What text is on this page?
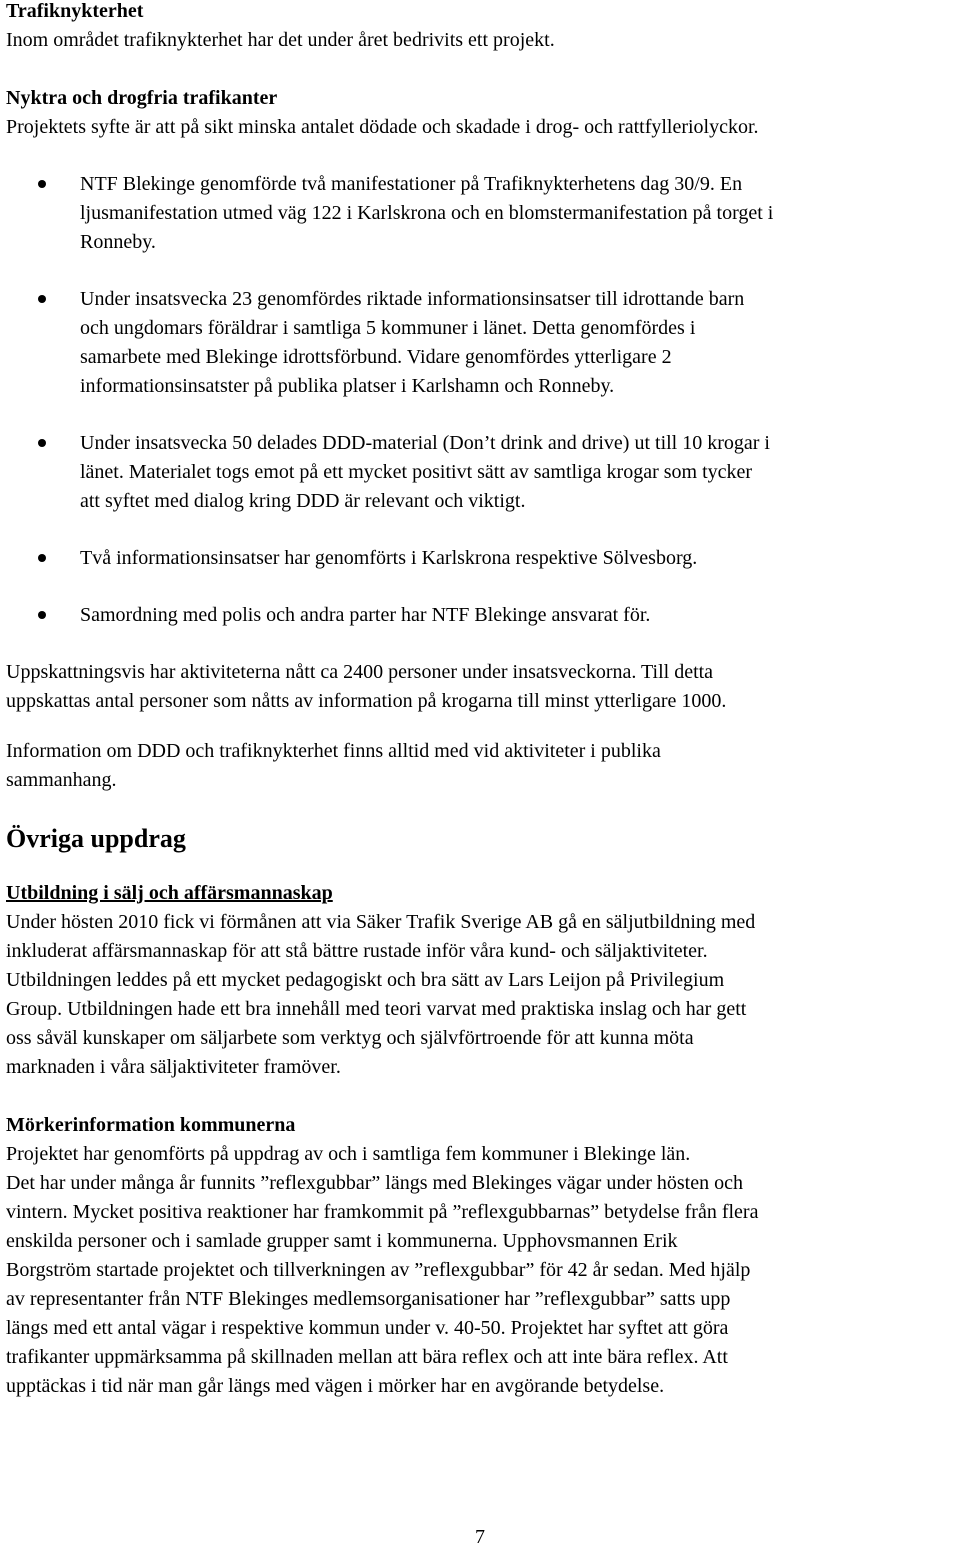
Trafiknykterhet
Inom området trafiknykterhet har det under året bedrivits ett projekt.
Nyktra och drogfria trafikanter
Projektets syfte är att på sikt minska antalet dödade och skadade i drog- och rattfylleriolyckor.
NTF Blekinge genomförde två manifestationer på Trafiknykterhetens dag 30/9. En
ljusmanifestation utmed väg 122 i Karlskrona och en blomstermanifestation på torget i
Ronneby.
Under insatsvecka 23 genomfördes riktade informationsinsatser till idrottande barn
och ungdomars föräldrar i samtliga 5 kommuner i länet. Detta genomfördes i
samarbete med Blekinge idrottsförbund. Vidare genomfördes ytterligare 2
informationsinsatster på publika platser i Karlshamn och Ronneby.
Under insatsvecka 50 delades DDD-material (Don’t drink and drive) ut till 10 krogar i
länet. Materialet togs emot på ett mycket positivt sätt av samtliga krogar som tycker
att syftet med dialog kring DDD är relevant och viktigt.
Två informationsinsatser har genomförts i Karlskrona respektive Sölvesborg.
Samordning med polis och andra parter har NTF Blekinge ansvarat för.
Uppskattningsvis har aktiviteterna nått ca 2400 personer under insatsveckorna. Till detta
uppskattas antal personer som nåtts av information på krogarna till minst ytterligare 1000.
Information om DDD och trafiknykterhet finns alltid med vid aktiviteter i publika
sammanhang.
Övriga uppdrag
Utbildning i sälj och affärsmannaskap
Under hösten 2010 fick vi förmånen att via Säker Trafik Sverige AB gå en säljutbildning med
inkluderat affärsmannaskap för att stå bättre rustade inför våra kund- och säljaktiviteter.
Utbildningen leddes på ett mycket pedagogiskt och bra sätt av Lars Leijon på Privilegium
Group. Utbildningen hade ett bra innehåll med teori varvat med praktiska inslag och har gett
oss såväl kunskaper om säljarbete som verktyg och självförtroende för att kunna möta
marknaden i våra säljaktiviteter framöver.
Mörkerinformation kommunerna
Projektet har genomförts på uppdrag av och i samtliga fem kommuner i Blekinge län.
Det har under många år funnits ”reflexgubbar” längs med Blekinges vägar under hösten och
vintern. Mycket positiva reaktioner har framkommit på ”reflexgubbarnas” betydelse från flera
enskilda personer och i samlade grupper samt i kommunerna. Upphovsmannen Erik
Borgström startade projektet och tillverkningen av ”reflexgubbar” för 42 år sedan. Med hjälp
av representanter från NTF Blekinges medlemsorganisationer har ”reflexgubbar” satts upp
längs med ett antal vägar i respektive kommun under v. 40-50. Projektet har syftet att göra
trafikanter uppmärksamma på skillnaden mellan att bära reflex och att inte bära reflex. Att
upptäckas i tid när man går längs med vägen i mörker har en avgörande betydelse.
7
